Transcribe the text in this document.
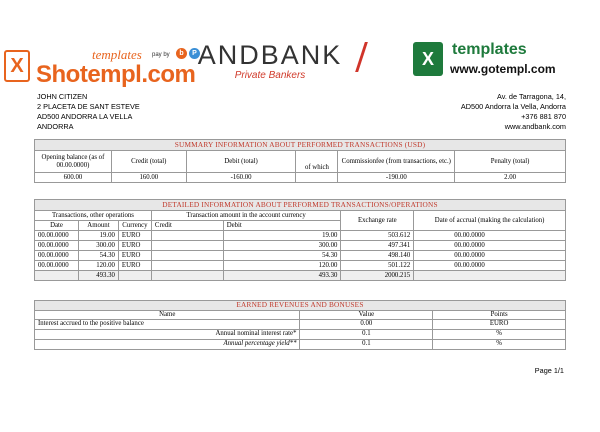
X
templates pay by	b	P
Shotempl.com
ANDBANK
Private Bankers
X	templates
www.gotempl.com
JOHN CITIZEN
2 PLACETA DE SANT ESTEVE
AD500 ANDORRA LA VELLA
ANDORRA
Av. de Tarragona, 14,
AD500 Andorra la Vella, Andorra
+376 881 870
www.andbank.com
SUMMARY INFORMATION ABOUT PERFORMED TRANSACTIONS (USD)					
Opening balance (as of 00.00.0000)	Credit (total)	Debit (total)	of which	Commissionfee (from transactions, etc.)	Penalty (total)
600.00	160.00	-160.00		-190.00	2.00
DETAILED INFORMATION ABOUT PERFORMED TRANSACTIONS/OPERATIONS						
Transactions, other operations			Transaction amount in the account currency		Exchange rate	Date of accrual (making the calculation)
Date	Amount	Currency	Credit	Debit		
00.00.0000	19.00	EURO		19.00	503.612	00.00.0000
00.00.0000	300.00	EURO		300.00	497.341	00.00.0000
00.00.0000	54.30	EURO		54.30	498.140	00.00.0000
00.00.0000	120.00	EURO		120.00	501.122	00.00.0000
	493.30			493.30	2000.215	
EARNED REVENUES AND BONUSES		
Name	Value	Points
Interest accrued to the positive balance	0.00	EURO
Annual nominal interest rate*	0.1	%
Annual percentage yield**	0.1	%
Page 1/1
